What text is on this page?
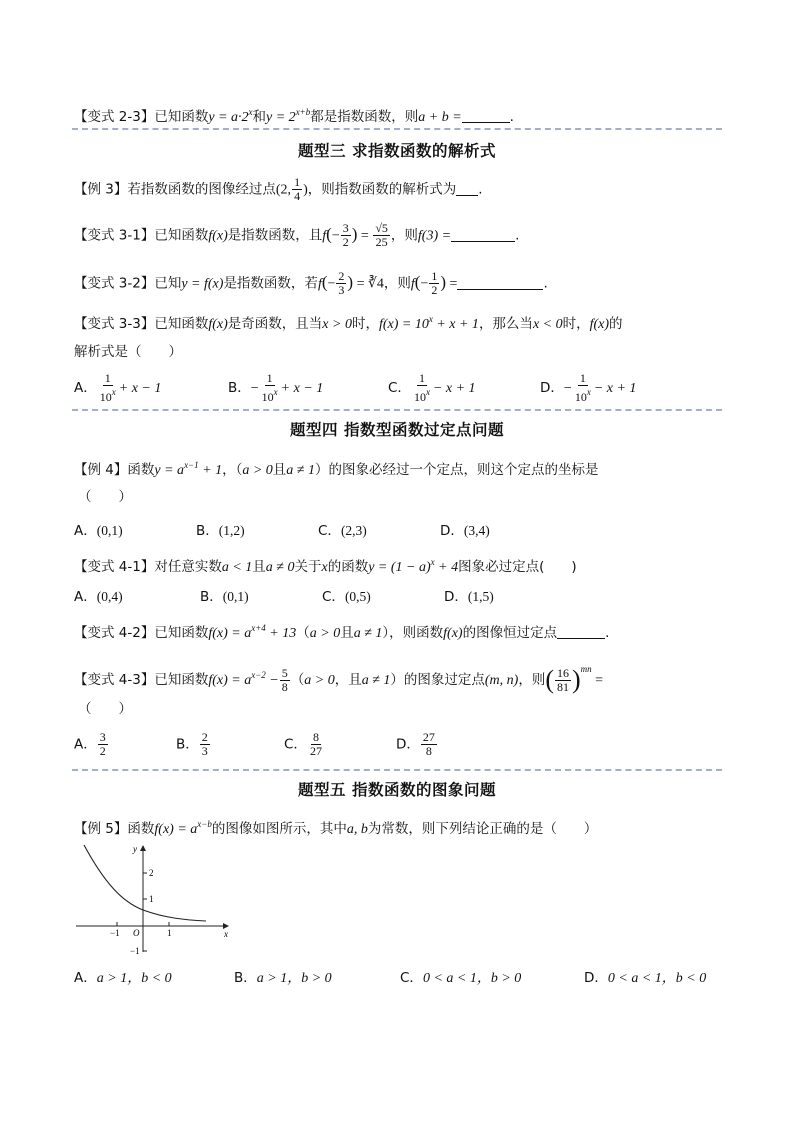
【变式 2-3】已知函数$y = a\cdot 2^x$和$y = 2^{x+b}$都是指数函数，则a + b =	.
题型三 求指数函数的解析式
【例 3】若指数函数的图像经过点(2, $\frac{1}{4}$ )，则指数函数的解析式为 .
【变式 3-1】已知函数f(x)是指数函数，且$f(- \frac{3}{2}$ ) = $\frac{√5}{25}$ ，则f(3) =	.
【变式 3-2】已知y = f(x)是指数函数，若$f(- \frac{2}{3}$ ) = ∛4，则$f(- \frac{1}{2}$ ) =	.
【变式 3-3】已知函数f(x)是奇函数，且当x > 0时，$f(x) = 10^x + x + 1$，那么当x < 0时，f(x)的
解析式是（　　）
A． $\frac{1}{10^x} + x - 1$	B．− $\frac{1}{10^x} + x - 1$	C． $\frac{1}{10^x} - x + 1$	D．− $\frac{1}{10^x} - x + 1$
题型四 指数型函数过定点问题
【例 4】函数$y = a^{x-1} + 1$，（a > 0且a ≠ 1）的图象必经过一个定点，则这个定点的坐标是
（　　）
A．(0,1)	B．(1,2)	C．(2,3)	D．(3,4)
【变式 4-1】对任意实数a < 1且a ≠ 0关于x的函数$y = (1 - a)^x + 4$图象必过定点(　　)
A．(0,4)	B．(0,1)	C．(0,5)	D．(1,5)
【变式 4-2】已知函数$f(x) = a^{x+4} + 13(a > 0$且a ≠ 1），则函数f(x)的图像恒过定点	.
【变式 4-3】已知函数$f(x) = a^{x-2} - \frac{5}{8} (a > 0$，且a ≠ 1）的图象过定点(m, n)，则( $\frac{16}{81} )^{mn}$ =
（　　）
A． $\frac{3}{2}$	B． $\frac{2}{3}$	C． $\frac{8}{27}$	D． $\frac{27}{8}$
题型五 指数函数的图象问题
【例 5】函数$f(x) = a^{x-b}$的图像如图所示，其中a, b为常数，则下列结论正确的是（　　）
y
x
O
2
1
−1
−1	1
A．a > 1，b < 0	B．a > 1，b > 0	C．0 < a < 1，b > 0	D．0 < a < 1，b < 0
